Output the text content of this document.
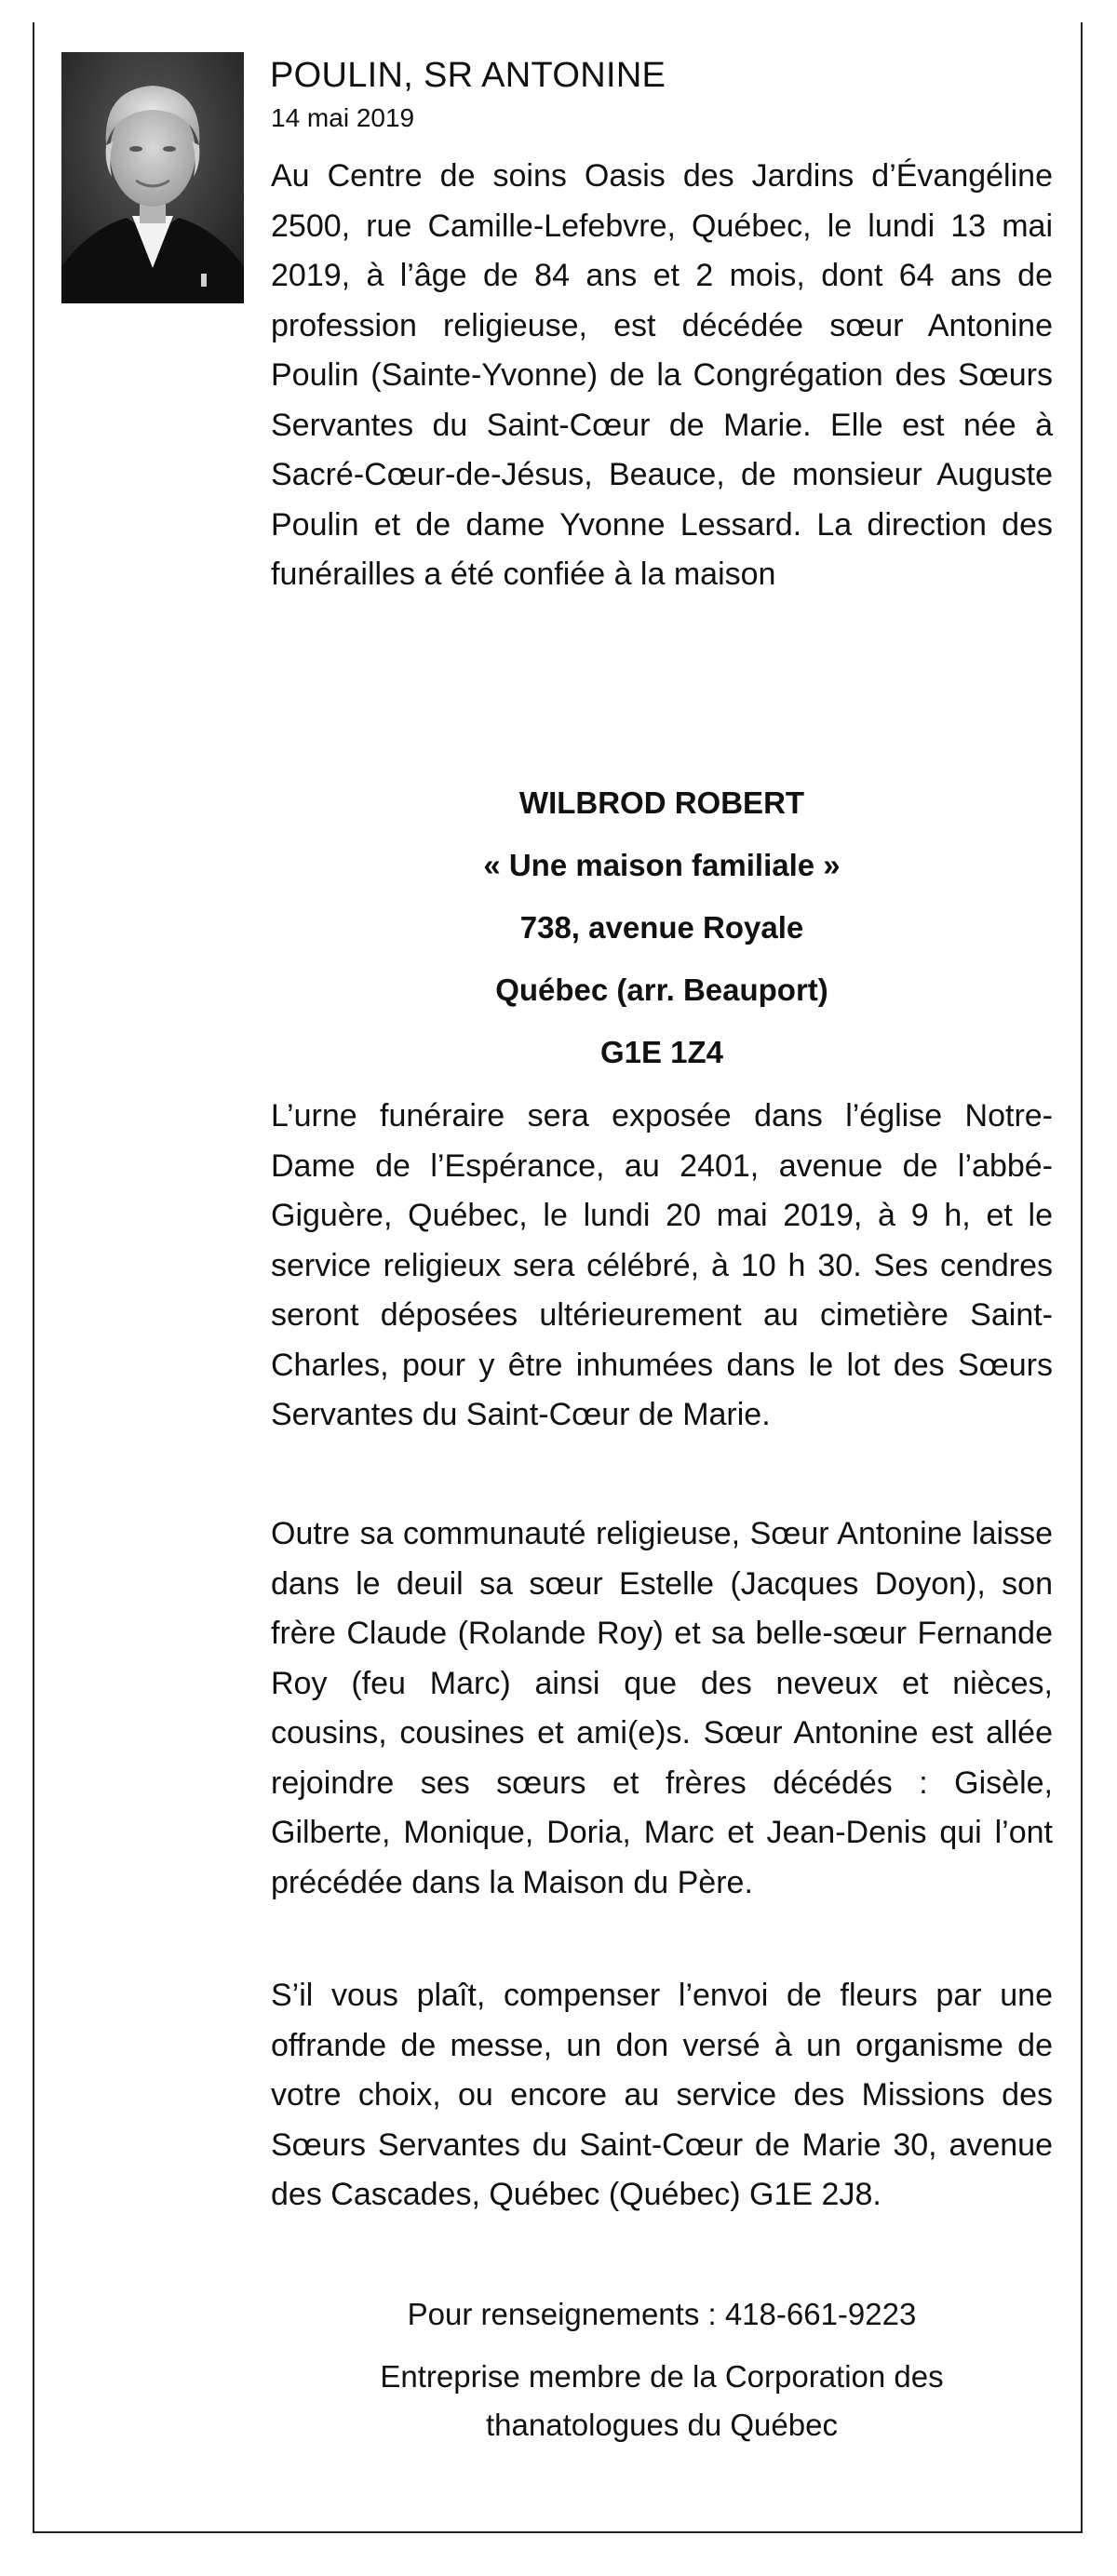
POULIN, SR ANTONINE
14 mai 2019

Au Centre de soins Oasis des Jardins d’Évangéline 2500, rue Camille-Lefebvre, Québec, le lundi 13 mai 2019, à l’âge de 84 ans et 2 mois, dont 64 ans de profession religieuse, est décédée sœur Antonine Poulin (Sainte-Yvonne) de la Congrégation des Sœurs Servantes du Saint-Cœur de Marie. Elle est née à Sacré-Cœur-de-Jésus, Beauce, de monsieur Auguste Poulin et de dame Yvonne Lessard. La direction des funérailles a été confiée à la maison

WILBROD ROBERT
« Une maison familiale »
738, avenue Royale
Québec (arr. Beauport)
G1E 1Z4

L’urne funéraire sera exposée dans l’église Notre-Dame de l’Espérance, au 2401, avenue de l’abbé-Giguère, Québec, le lundi 20 mai 2019, à 9 h, et le service religieux sera célébré, à 10 h 30. Ses cendres seront déposées ultérieurement au cimetière Saint-Charles, pour y être inhumées dans le lot des Sœurs Servantes du Saint-Cœur de Marie.

Outre sa communauté religieuse, Sœur Antonine laisse dans le deuil sa sœur Estelle (Jacques Doyon), son frère Claude (Rolande Roy) et sa belle-sœur Fernande Roy (feu Marc) ainsi que des neveux et nièces, cousins, cousines et ami(e)s. Sœur Antonine est allée rejoindre ses sœurs et frères décédés : Gisèle, Gilberte, Monique, Doria, Marc et Jean-Denis qui l’ont précédée dans la Maison du Père.

S’il vous plaît, compenser l’envoi de fleurs par une offrande de messe, un don versé à un organisme de votre choix, ou encore au service des Missions des Sœurs Servantes du Saint-Cœur de Marie 30, avenue des Cascades, Québec (Québec) G1E 2J8.

Pour renseignements : 418-661-9223
Entreprise membre de la Corporation des
thanatologues du Québec
